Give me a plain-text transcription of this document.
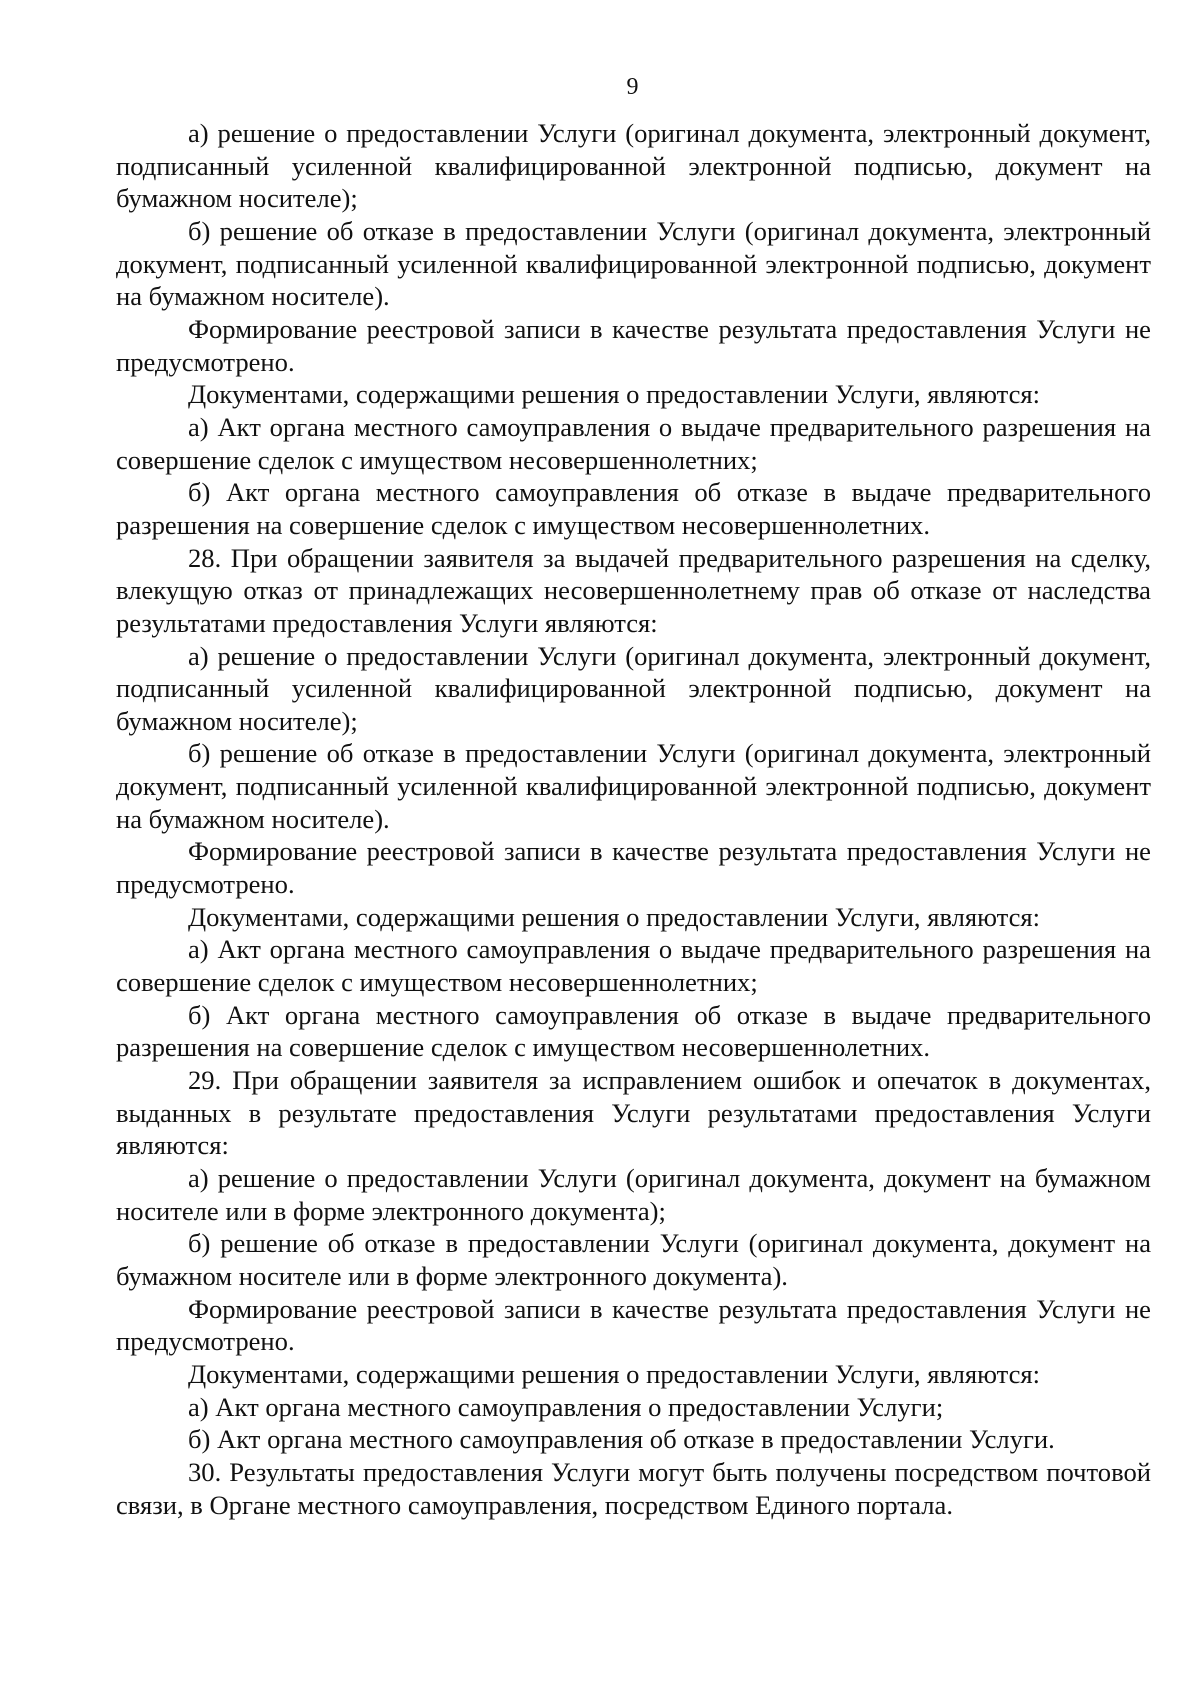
9

а) решение о предоставлении Услуги (оригинал документа, электронный документ, подписанный усиленной квалифицированной электронной подписью, документ на бумажном носителе);

б) решение об отказе в предоставлении Услуги (оригинал документа, электронный документ, подписанный усиленной квалифицированной электронной подписью, документ на бумажном носителе).

Формирование реестровой записи в качестве результата предоставления Услуги не предусмотрено.

Документами, содержащими решения о предоставлении Услуги, являются:

а) Акт органа местного самоуправления о выдаче предварительного разрешения на совершение сделок с имуществом несовершеннолетних;

б) Акт органа местного самоуправления об отказе в выдаче предварительного разрешения на совершение сделок с имуществом несовершеннолетних.

28. При обращении заявителя за выдачей предварительного разрешения на сделку, влекущую отказ от принадлежащих несовершеннолетнему прав об отказе от наследства результатами предоставления Услуги являются:

а) решение о предоставлении Услуги (оригинал документа, электронный документ, подписанный усиленной квалифицированной электронной подписью, документ на бумажном носителе);

б) решение об отказе в предоставлении Услуги (оригинал документа, электронный документ, подписанный усиленной квалифицированной электронной подписью, документ на бумажном носителе).

Формирование реестровой записи в качестве результата предоставления Услуги не предусмотрено.

Документами, содержащими решения о предоставлении Услуги, являются:

а) Акт органа местного самоуправления о выдаче предварительного разрешения на совершение сделок с имуществом несовершеннолетних;

б) Акт органа местного самоуправления об отказе в выдаче предварительного разрешения на совершение сделок с имуществом несовершеннолетних.

29. При обращении заявителя за исправлением ошибок и опечаток в документах, выданных в результате предоставления Услуги результатами предоставления Услуги являются:

а) решение о предоставлении Услуги (оригинал документа, документ на бумажном носителе или в форме электронного документа);

б) решение об отказе в предоставлении Услуги (оригинал документа, документ на бумажном носителе или в форме электронного документа).

Формирование реестровой записи в качестве результата предоставления Услуги не предусмотрено.

Документами, содержащими решения о предоставлении Услуги, являются:

а) Акт органа местного самоуправления о предоставлении Услуги;

б) Акт органа местного самоуправления об отказе в предоставлении Услуги.

30. Результаты предоставления Услуги могут быть получены посредством почтовой связи, в Органе местного самоуправления, посредством Единого портала.
